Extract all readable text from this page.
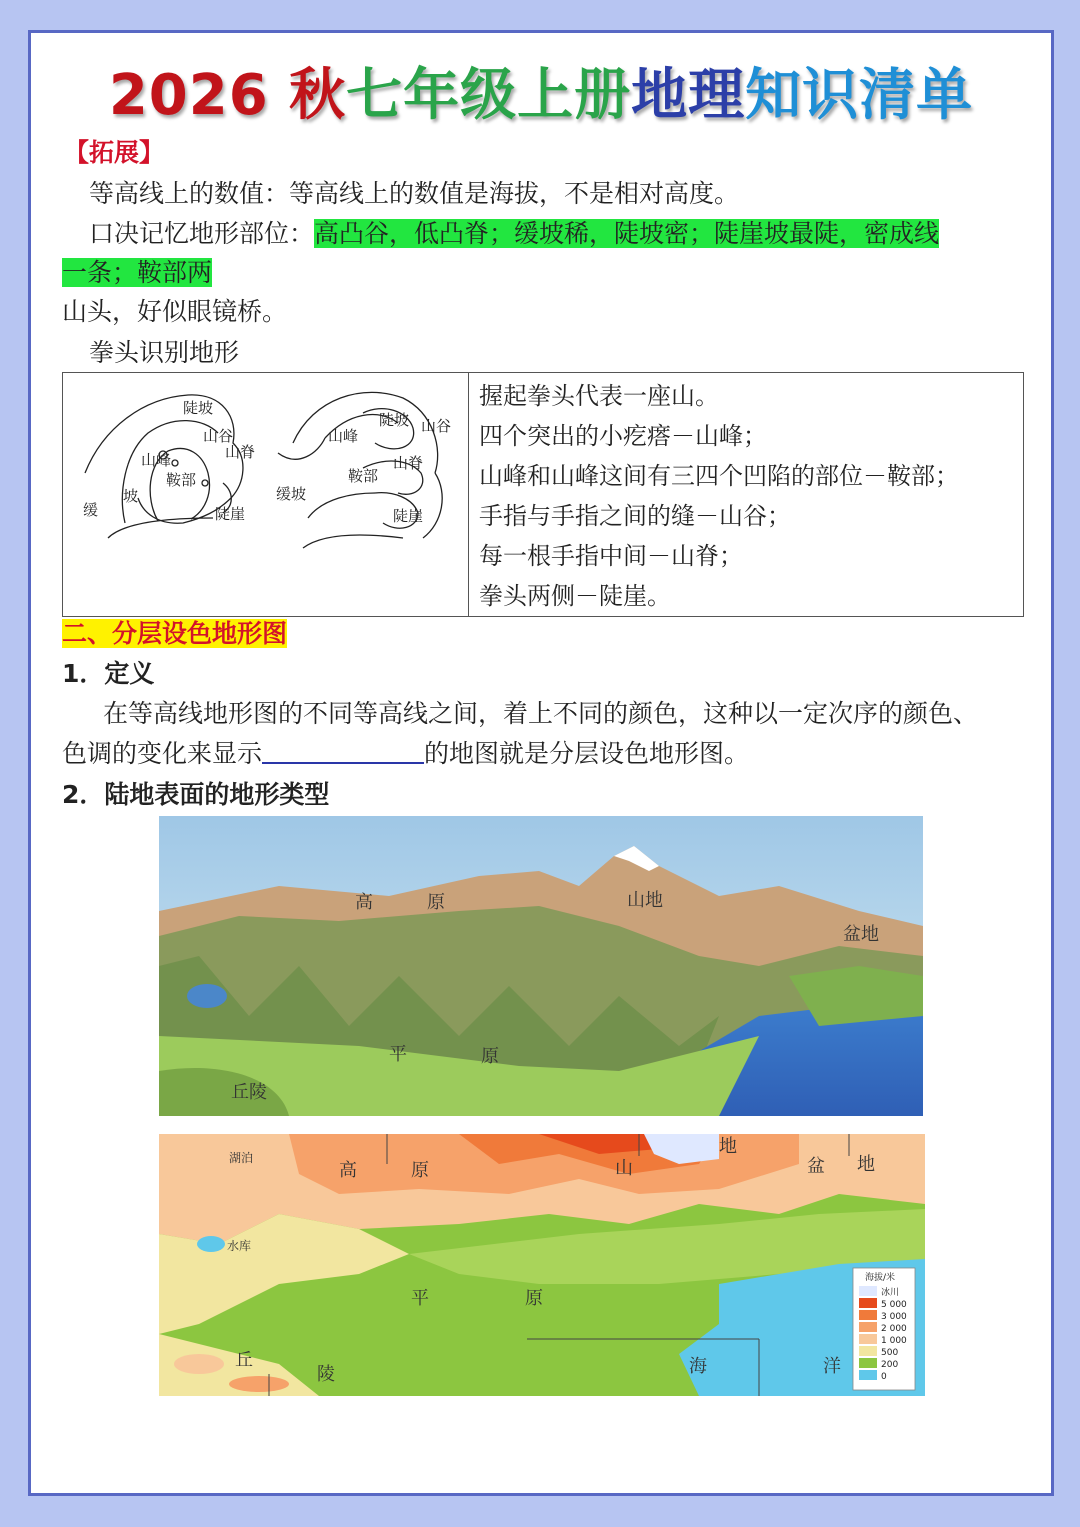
2026 秋七年级上册地理知识清单
【拓展】
等高线上的数值：等高线上的数值是海拔，不是相对高度。
口决记忆地形部位：高凸谷，低凸脊；缓坡稀，陡坡密；陡崖坡最陡，密成线
一条；鞍部两
山头，好似眼镜桥。
拳头识别地形
陡坡
山谷
山脊
山峰
鞍部
缓
坡
陡崖
山峰
陡坡 山谷
山脊
鞍部
缓坡
陡崖

握起拳头代表一座山。
四个突出的小疙瘩－山峰；
山峰和山峰这间有三四个凹陷的部位－鞍部；
手指与手指之间的缝－山谷；
每一根手指中间－山脊；
拳头两侧－陡崖。
二、分层设色地形图
1．定义
在等高线地形图的不同等高线之间，着上不同的颜色，这种以一定次序的颜色、
色调的变化来显示	的地图就是分层设色地形图。
2．陆地表面的地形类型
高	原	山地
盆地
平	原
丘陵
湖泊
水库
高	原	山
地
盆 地
平	原
丘
陵	海	洋
海拔/米
冰川
5 000
3 000
2 000
1 000
500
200
0
